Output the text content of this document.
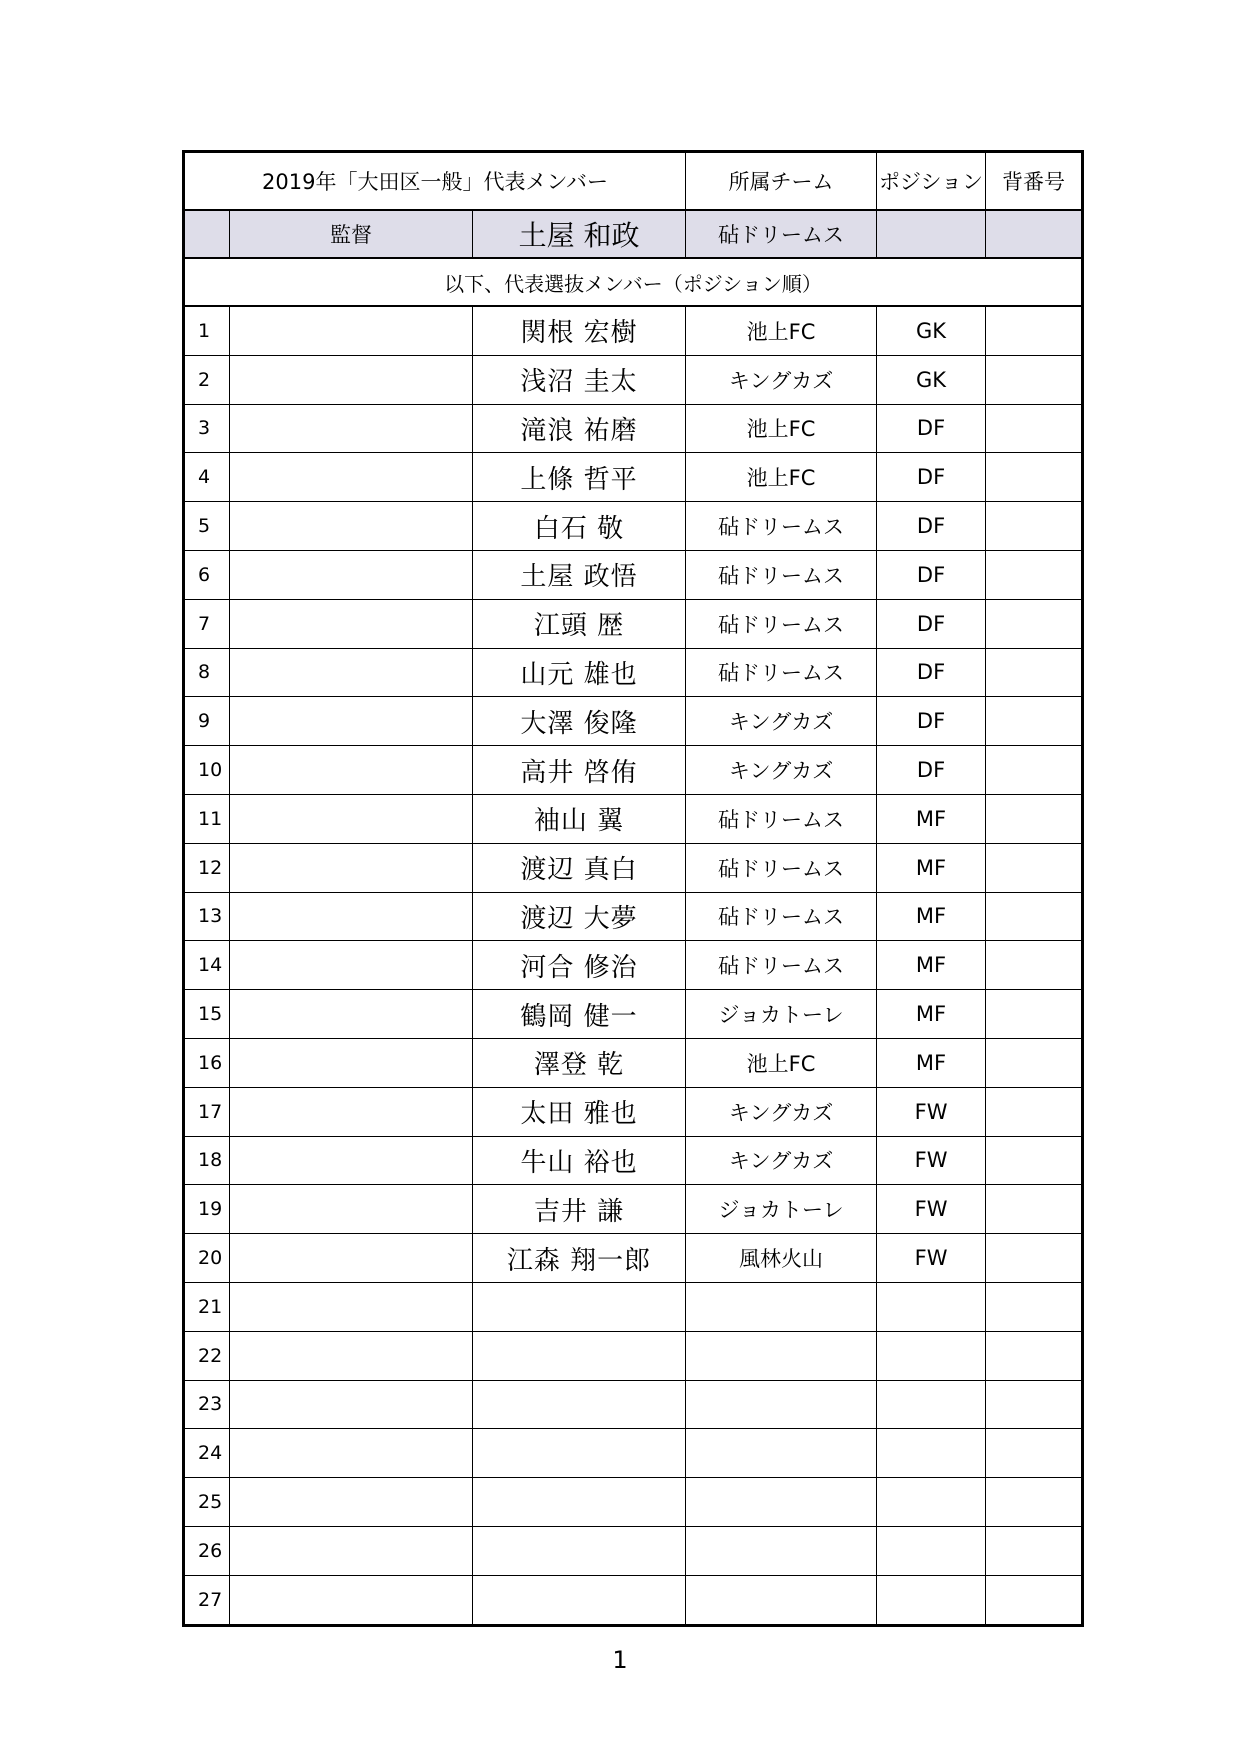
2019年「大田区一般」代表メンバー			所属チーム	ポジション	背番号
	監督	土屋 和政	砧ドリームス		
以下、代表選抜メンバー（ポジション順）					
1		関根 宏樹	池上FC	GK	
2		浅沼 圭太	キングカズ	GK	
3		滝浪 祐磨	池上FC	DF	
4		上條 哲平	池上FC	DF	
5		白石 敬	砧ドリームス	DF	
6		土屋 政悟	砧ドリームス	DF	
7		江頭 歴	砧ドリームス	DF	
8		山元 雄也	砧ドリームス	DF	
9		大澤 俊隆	キングカズ	DF	
10		高井 啓侑	キングカズ	DF	
11		袖山 翼	砧ドリームス	MF	
12		渡辺 真白	砧ドリームス	MF	
13		渡辺 大夢	砧ドリームス	MF	
14		河合 修治	砧ドリームス	MF	
15		鶴岡 健一	ジョカトーレ	MF	
16		澤登 乾	池上FC	MF	
17		太田 雅也	キングカズ	FW	
18		牛山 裕也	キングカズ	FW	
19		吉井 謙	ジョカトーレ	FW	
20		江森 翔一郎	風林火山	FW	
21					
22					
23					
24					
25					
26					
27					
1
